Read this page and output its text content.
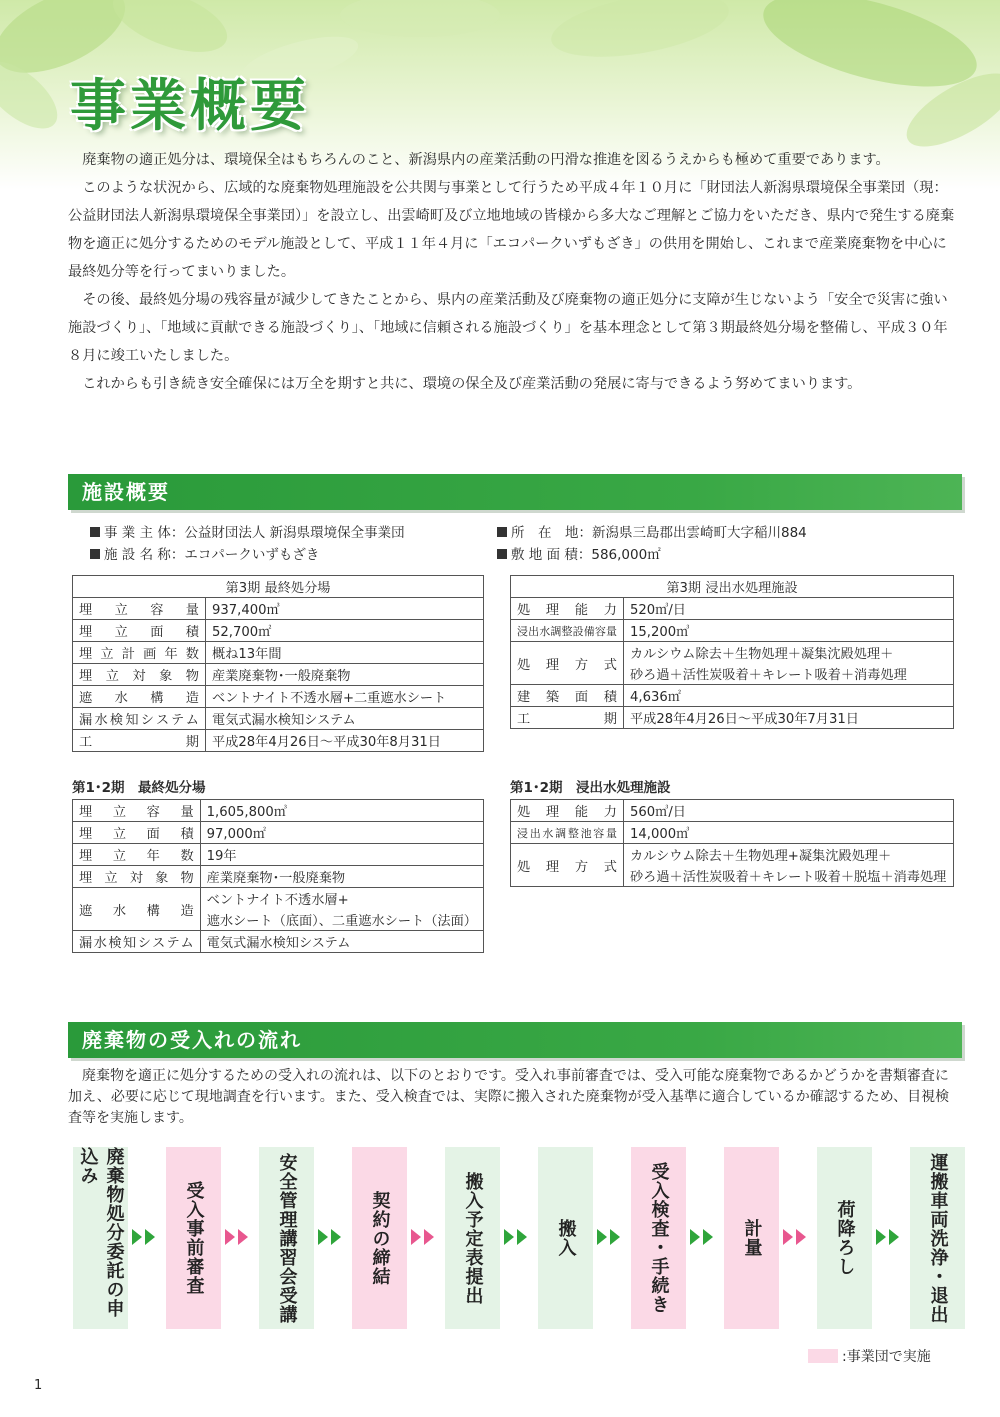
事業概要

廃棄物の適正処分は、環境保全はもちろんのこと、新潟県内の産業活動の円滑な推進を図るうえからも極めて重要であります。

このような状況から、広域的な廃棄物処理施設を公共関与事業として行うため平成４年１０月に「財団法人新潟県環境保全事業団（現：公益財団法人新潟県環境保全事業団）」を設立し、出雲崎町及び立地地域の皆様から多大なご理解とご協力をいただき、県内で発生する廃棄物を適正に処分するためのモデル施設として、平成１１年４月に「エコパークいずもざき」の供用を開始し、これまで産業廃棄物を中心に最終処分等を行ってまいりました。

その後、最終処分場の残容量が減少してきたことから、県内の産業活動及び廃棄物の適正処分に支障が生じないよう「安全で災害に強い施設づくり」、「地域に貢献できる施設づくり」、「地域に信頼される施設づくり」を基本理念として第３期最終処分場を整備し、平成３０年８月に竣工いたしました。

これからも引き続き安全確保には万全を期すと共に、環境の保全及び産業活動の発展に寄与できるよう努めてまいります。

施設概要
事 業 主 体：公益財団法人 新潟県環境保全事業団
施 設 名 称：エコパークいずもざき
所　在　地：新潟県三島郡出雲崎町大字稲川884
敷 地 面 積：586,000㎡
第3期 最終処分場	
埋立容量	937,400㎥
埋立面積	52,700㎡
埋立計画年数	概ね13年間
埋立対象物	産業廃棄物･一般廃棄物
遮水構造	ベントナイト不透水層+二重遮水シート
漏水検知システム	電気式漏水検知システム
工期	平成28年4月26日～平成30年8月31日
第3期 浸出水処理施設	
処理能力	520㎥/日
浸出水調整設備容量	15,200㎥
処理方式	カルシウム除去＋生物処理＋凝集沈殿処理＋
	砂ろ過＋活性炭吸着＋キレート吸着＋消毒処理
建築面積	4,636㎡
工期	平成28年4月26日～平成30年7月31日
第1･2期　最終処分場	第1･2期　浸出水処理施設
埋立容量	1,605,800㎥
埋立面積	97,000㎡
埋立年数	19年
埋立対象物	産業廃棄物･一般廃棄物
遮水構造	ベントナイト不透水層+
	遮水シート（底面）、二重遮水シート（法面）
漏水検知システム	電気式漏水検知システム
処理能力	560㎥/日
浸出水調整池容量	14,000㎥
処理方式	カルシウム除去＋生物処理+凝集沈殿処理＋
	砂ろ過＋活性炭吸着＋キレート吸着＋脱塩＋消毒処理
廃棄物の受入れの流れ

廃棄物を適正に処分するための受入れの流れは、以下のとおりです。受入れ事前審査では、受入可能な廃棄物であるかどうかを書類審査に加え、必要に応じて現地調査を行います。また、受入検査では、実際に搬入された廃棄物が受入基準に適合しているか確認するため、目視検査等を実施します。

廃棄物処分委託の申込み
受入事前審査	安全管理講習会受講	契約の締結	搬入予定表提出	搬入	受入検査・手続き	計量	荷降ろし	運搬車両洗浄・退出
:事業団で実施
1
